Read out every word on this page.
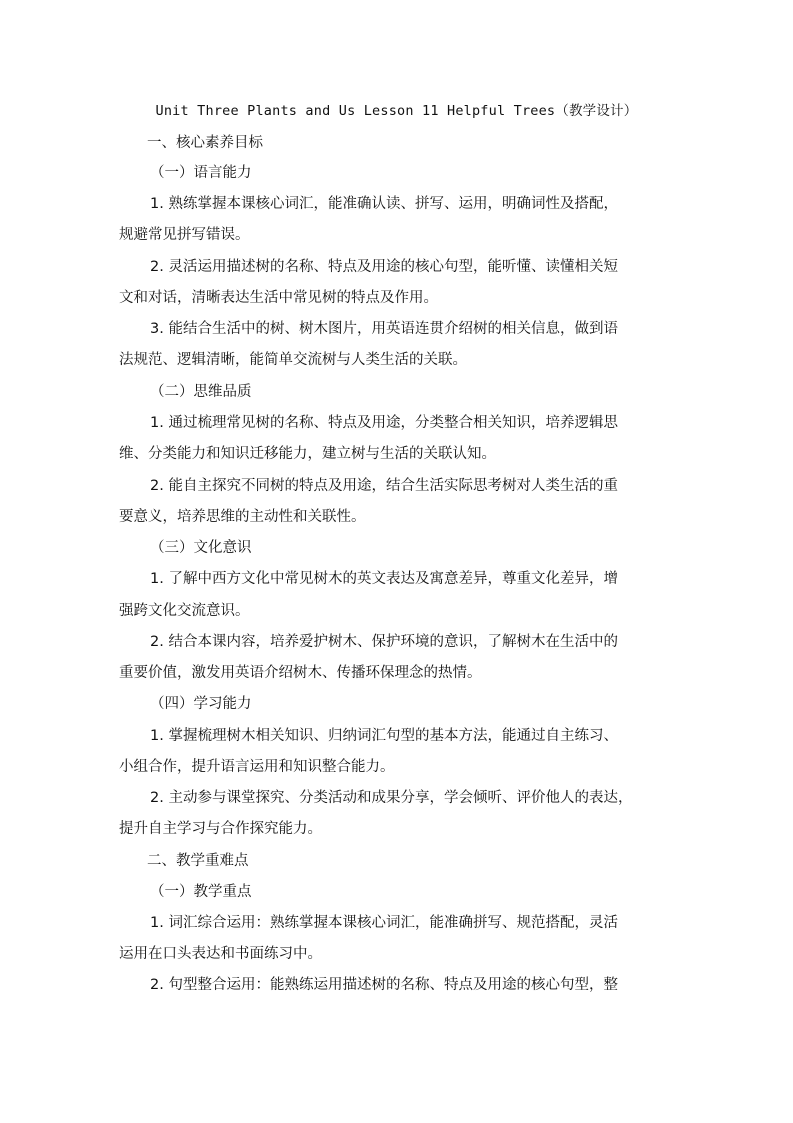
Unit Three Plants and Us Lesson 11 Helpful Trees（教学设计）
一、核心素养目标
（一）语言能力
1. 熟练掌握本课核心词汇，能准确认读、拼写、运用，明确词性及搭配，
规避常见拼写错误。
2. 灵活运用描述树的名称、特点及用途的核心句型，能听懂、读懂相关短
文和对话，清晰表达生活中常见树的特点及作用。
3. 能结合生活中的树、树木图片，用英语连贯介绍树的相关信息，做到语
法规范、逻辑清晰，能简单交流树与人类生活的关联。
（二）思维品质
1. 通过梳理常见树的名称、特点及用途，分类整合相关知识，培养逻辑思
维、分类能力和知识迁移能力，建立树与生活的关联认知。
2. 能自主探究不同树的特点及用途，结合生活实际思考树对人类生活的重
要意义，培养思维的主动性和关联性。
（三）文化意识
1. 了解中西方文化中常见树木的英文表达及寓意差异，尊重文化差异，增
强跨文化交流意识。
2. 结合本课内容，培养爱护树木、保护环境的意识，了解树木在生活中的
重要价值，激发用英语介绍树木、传播环保理念的热情。
（四）学习能力
1. 掌握梳理树木相关知识、归纳词汇句型的基本方法，能通过自主练习、
小组合作，提升语言运用和知识整合能力。
2. 主动参与课堂探究、分类活动和成果分享，学会倾听、评价他人的表达，
提升自主学习与合作探究能力。
二、教学重难点
（一）教学重点
1. 词汇综合运用：熟练掌握本课核心词汇，能准确拼写、规范搭配，灵活
运用在口头表达和书面练习中。
2. 句型整合运用：能熟练运用描述树的名称、特点及用途的核心句型，整
